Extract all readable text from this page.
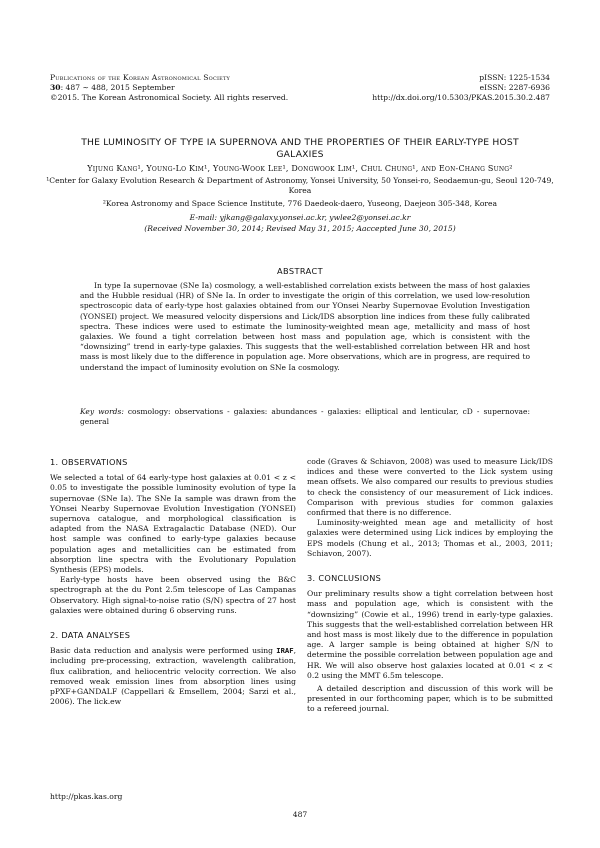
Publications of the Korean Astronomical Society
30: 487 ∼ 488, 2015 September
©2015. The Korean Astronomical Society. All rights reserved.
pISSN: 1225-1534
eISSN: 2287-6936
http://dx.doi.org/10.5303/PKAS.2015.30.2.487
THE LUMINOSITY OF TYPE IA SUPERNOVA AND THE PROPERTIES OF THEIR EARLY-TYPE HOST GALAXIES
Yijung Kang¹, Young-Lo Kim¹, Young-Wook Lee¹, Dongwook Lim¹, Chul Chung¹, and Eon-Chang Sung²
¹Center for Galaxy Evolution Research & Department of Astronomy, Yonsei University, 50 Yonsei-ro, Seodaemun-gu, Seoul 120-749, Korea
²Korea Astronomy and Space Science Institute, 776 Daedeok-daero, Yuseong, Daejeon 305-348, Korea
E-mail: yjkang@galaxy.yonsei.ac.kr, ywlee2@yonsei.ac.kr
(Received November 30, 2014; Revised May 31, 2015; Aaccepted June 30, 2015)
ABSTRACT

In type Ia supernovae (SNe Ia) cosmology, a well-established correlation exists between the mass of host galaxies and the Hubble residual (HR) of SNe Ia. In order to investigate the origin of this correlation, we used low-resolution spectroscopic data of early-type host galaxies obtained from our YOnsei Nearby Supernovae Evolution Investigation (YONSEI) project. We measured velocity dispersions and Lick/IDS absorption line indices from these fully calibrated spectra. These indices were used to estimate the luminosity-weighted mean age, metallicity and mass of host galaxies. We found a tight correlation between host mass and population age, which is consistent with the “downsizing” trend in early-type galaxies. This suggests that the well-established correlation between HR and host mass is most likely due to the difference in population age. More observations, which are in progress, are required to understand the impact of luminosity evolution on SNe Ia cosmology.

Key words: cosmology: observations - galaxies: abundances - galaxies: elliptical and lenticular, cD - supernovae: general

1. OBSERVATIONS

We selected a total of 64 early-type host galaxies at 0.01 < z < 0.05 to investigate the possible luminosity evolution of type Ia supernovae (SNe Ia). The SNe Ia sample was drawn from the YOnsei Nearby Supernovae Evolution Investigation (YONSEI) supernova catalogue, and morphological classification is adapted from the NASA Extragalactic Database (NED). Our host sample was confined to early-type galaxies because population ages and metallicities can be estimated from absorption line spectra with the Evolutionary Population Synthesis (EPS) models.

Early-type hosts have been observed using the B&C spectrograph at the du Pont 2.5m telescope of Las Campanas Observatory. High signal-to-noise ratio (S/N) spectra of 27 host galaxies were obtained during 6 observing runs.

2. DATA ANALYSES

Basic data reduction and analysis were performed using IRAF, including pre-processing, extraction, wavelength calibration, flux calibration, and heliocentric velocity correction. We also removed weak emission lines from absorption lines using pPXF+GANDALF (Cappellari & Emsellem, 2004; Sarzi et al., 2006). The lick.ew

code (Graves & Schiavon, 2008) was used to measure Lick/IDS indices and these were converted to the Lick system using mean offsets. We also compared our results to previous studies to check the consistency of our measurement of Lick indices. Comparison with previous studies for common galaxies confirmed that there is no difference.

Luminosity-weighted mean age and metallicity of host galaxies were determined using Lick indices by employing the EPS models (Chung et al., 2013; Thomas et al., 2003, 2011; Schiavon, 2007).

3. CONCLUSIONS

Our preliminary results show a tight correlation between host mass and population age, which is consistent with the “downsizing” (Cowie et al., 1996) trend in early-type galaxies. This suggests that the well-established correlation between HR and host mass is most likely due to the difference in population age. A larger sample is being obtained at higher S/N to determine the possible correlation between population age and HR. We will also observe host galaxies located at 0.01 < z < 0.2 using the MMT 6.5m telescope.

A detailed description and discussion of this work will be presented in our forthcoming paper, which is to be submitted to a refereed journal.

http://pkas.kas.org
487
